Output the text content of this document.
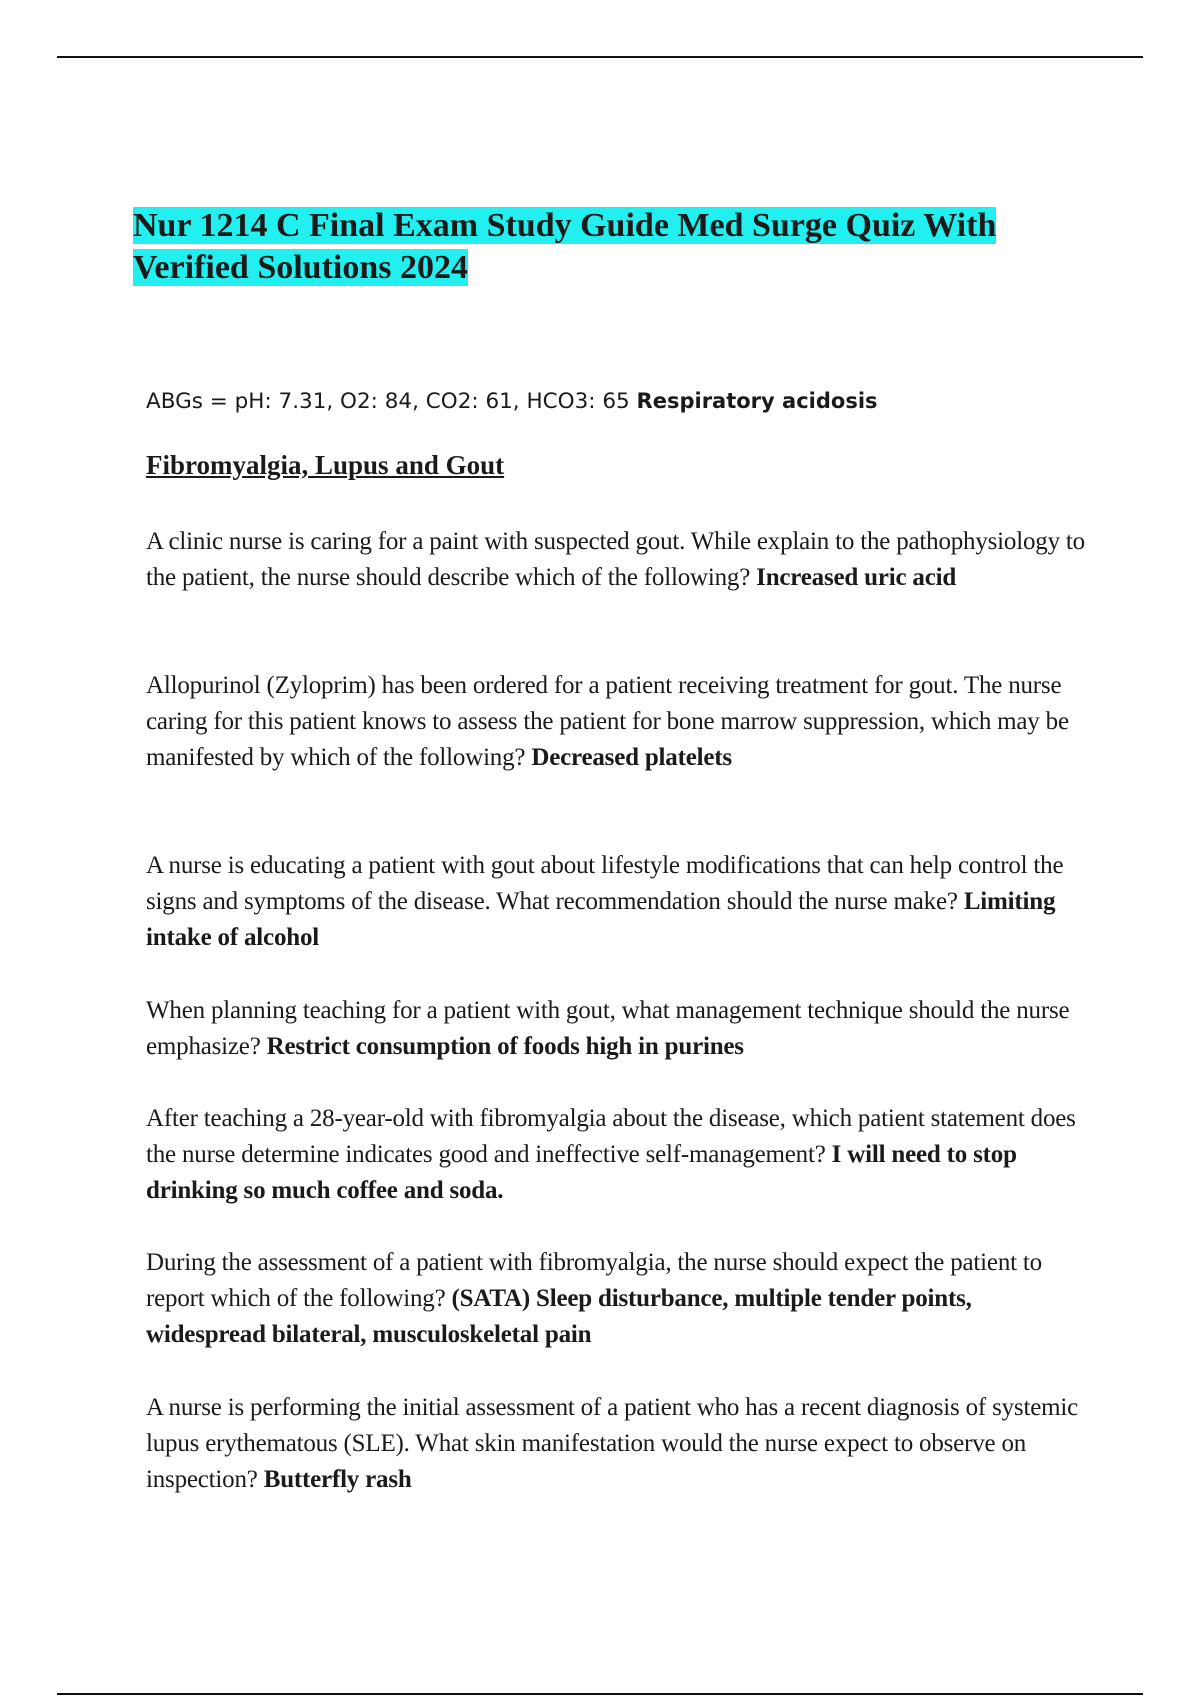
Nur 1214 C Final Exam Study Guide Med Surge Quiz With Verified Solutions 2024

ABGs = pH: 7.31, O2: 84, CO2: 61, HCO3: 65 Respiratory acidosis

Fibromyalgia, Lupus and Gout

A clinic nurse is caring for a paint with suspected gout. While explain to the pathophysiology to the patient, the nurse should describe which of the following? Increased uric acid

Allopurinol (Zyloprim) has been ordered for a patient receiving treatment for gout. The nurse caring for this patient knows to assess the patient for bone marrow suppression, which may be manifested by which of the following? Decreased platelets

A nurse is educating a patient with gout about lifestyle modifications that can help control the signs and symptoms of the disease. What recommendation should the nurse make? Limiting intake of alcohol

When planning teaching for a patient with gout, what management technique should the nurse emphasize? Restrict consumption of foods high in purines

After teaching a 28-year-old with fibromyalgia about the disease, which patient statement does the nurse determine indicates good and ineffective self-management? I will need to stop drinking so much coffee and soda.

During the assessment of a patient with fibromyalgia, the nurse should expect the patient to report which of the following? (SATA) Sleep disturbance, multiple tender points, widespread bilateral, musculoskeletal pain

A nurse is performing the initial assessment of a patient who has a recent diagnosis of systemic lupus erythematous (SLE). What skin manifestation would the nurse expect to observe on inspection? Butterfly rash
